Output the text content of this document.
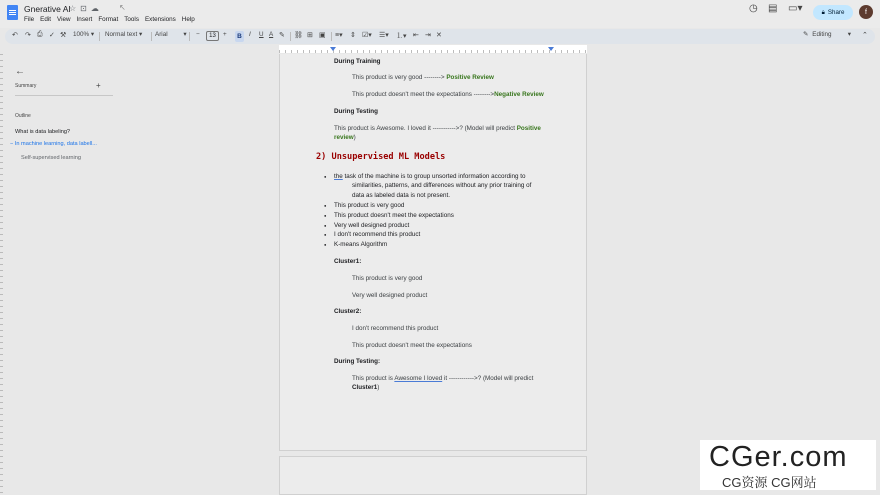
Gnerative AI
☆ ⊡ ☁	↖
File Edit View Insert Format Tools Extensions Help
◷ ▤ ▭▾	🔒︎ Share	f
↶ ↷ ⎙ ✓ ⚒ 100% ▾ Normal text ▾ Arial         ▾ −	13	+	B	I U A ✎ ⛓ ⊞ ▣ ≡▾ ⇕ ☑▾ ☰▾ ⒈▾ ⇤ ⇥ ✕	✎ Editing ▾ ⌃
←
Summary	+
Outline
What is data labeling?
− In machine learning, data labell...
Self-supervised learning
During Training
This product is very good --------> Positive Review
This product doesn't meet the expectations -------->Negative Review
During Testing
This product is Awesome. I loved it ----------->? (Model will predict Positive
review)
2) Unsupervised ML Models
● the task of the machine is to group unsorted information according to
similarities, patterns, and differences without any prior training of
data as labeled data is not present.
● This product is very good
● This product doesn't meet the expectations
● Very well designed product
● I don't recommend this product
● K-means Algorithm
Cluster1:
This product is very good
Very well designed product
Cluster2:
I don't recommend this product
This product doesn't meet the expectations
During Testing:
This product is Awesome I loved it ------------>? (Model will predict
Cluster1)
CGer.com
CG资源 CG网站
